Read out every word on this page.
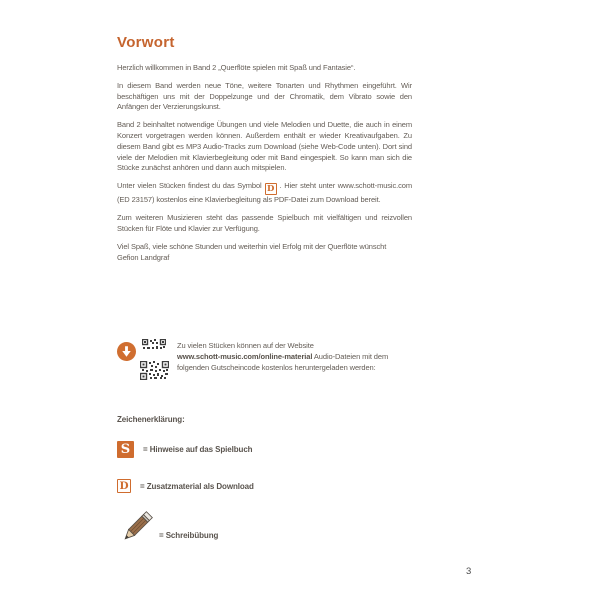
Vorwort

Herzlich willkommen in Band 2 „Querflöte spielen mit Spaß und Fantasie“.

In diesem Band werden neue Töne, weitere Tonarten und Rhythmen eingeführt. Wir beschäftigen uns mit der Doppelzunge und der Chromatik, dem Vibrato sowie den Anfängen der Verzierungskunst.

Band 2 beinhaltet notwendige Übungen und viele Melodien und Duette, die auch in einem Konzert vorgetragen werden können. Außerdem enthält er wieder Kreativaufgaben. Zu diesem Band gibt es MP3 Audio-Tracks zum Download (siehe Web-Code unten). Dort sind viele der Melodien mit Klavierbegleitung oder mit Band eingespielt. So kann man sich die Stücke zunächst anhören und dann auch mitspielen.

Unter vielen Stücken findest du das Symbol D . Hier steht unter www.schott-music.com (ED 23157) kostenlos eine Klavierbegleitung als PDF-Datei zum Download bereit.

Zum weiteren Musizieren steht das passende Spielbuch mit vielfältigen und reizvollen Stücken für Flöte und Klavier zur Verfügung.

Viel Spaß, viele schöne Stunden und weiterhin viel Erfolg mit der Querflöte wünscht
Gefion Landgraf

Zu vielen Stücken können auf der Website
www.schott-music.com/online-material Audio-Dateien mit dem
folgenden Gutscheincode kostenlos heruntergeladen werden:
Zeichenerklärung:
S = Hinweise auf das Spielbuch
D = Zusatzmaterial als Download
= Schreibübung
3
